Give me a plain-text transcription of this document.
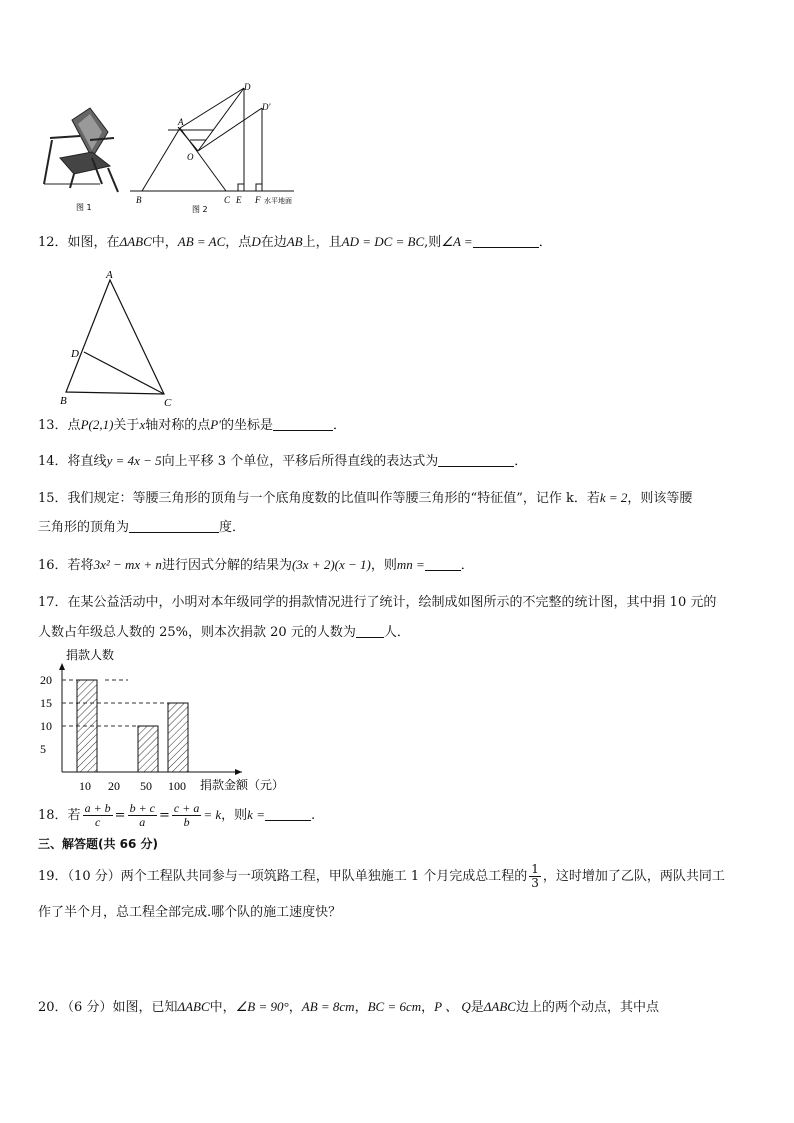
图 1
A
O
D
D′
B	C E F 水平地面
图 2
12．如图，在ΔABC中，AB = AC，点D在边AB上，且AD = DC = BC,则∠A =	．
A
D
B	C
13．点P(2,1)关于x轴对称的点P′的坐标是	．
14．将直线y = 4x − 5向上平移 3 个单位，平移后所得直线的表达式为	．
15．我们规定：等腰三角形的顶角与一个底角度数的比值叫作等腰三角形的“特征值”，记作 k．若k = 2，则该等腰
三角形的顶角为	度．
16．若将3x² − mx + n进行因式分解的结果为(3x + 2)(x − 1)，则mn =	．
17．在某公益活动中，小明对本年级同学的捐款情况进行了统计，绘制成如图所示的不完整的统计图，其中捐 10 元的
人数占年级总人数的 25%，则本次捐款 20 元的人数为 人．
捐款人数
捐款金额（元）
20
15
10
5
10 20 50 100
18．若 $\frac{a + b}{c} = \frac{b + c}{a} = \frac{c + a}{b} = k$，则k =	.
三、解答题(共 66 分)
19．（10 分）两个工程队共同参与一项筑路工程，甲队单独施工 1 个月完成总工程的 $\frac{1}{3}$ ，这时增加了乙队，两队共同工
作了半个月，总工程全部完成.哪个队的施工速度快？
20．（6 分）如图，已知ΔABC中，∠B = 90°，AB = 8cm，BC = 6cm，P 、 Q是ΔABC边上的两个动点，其中点
